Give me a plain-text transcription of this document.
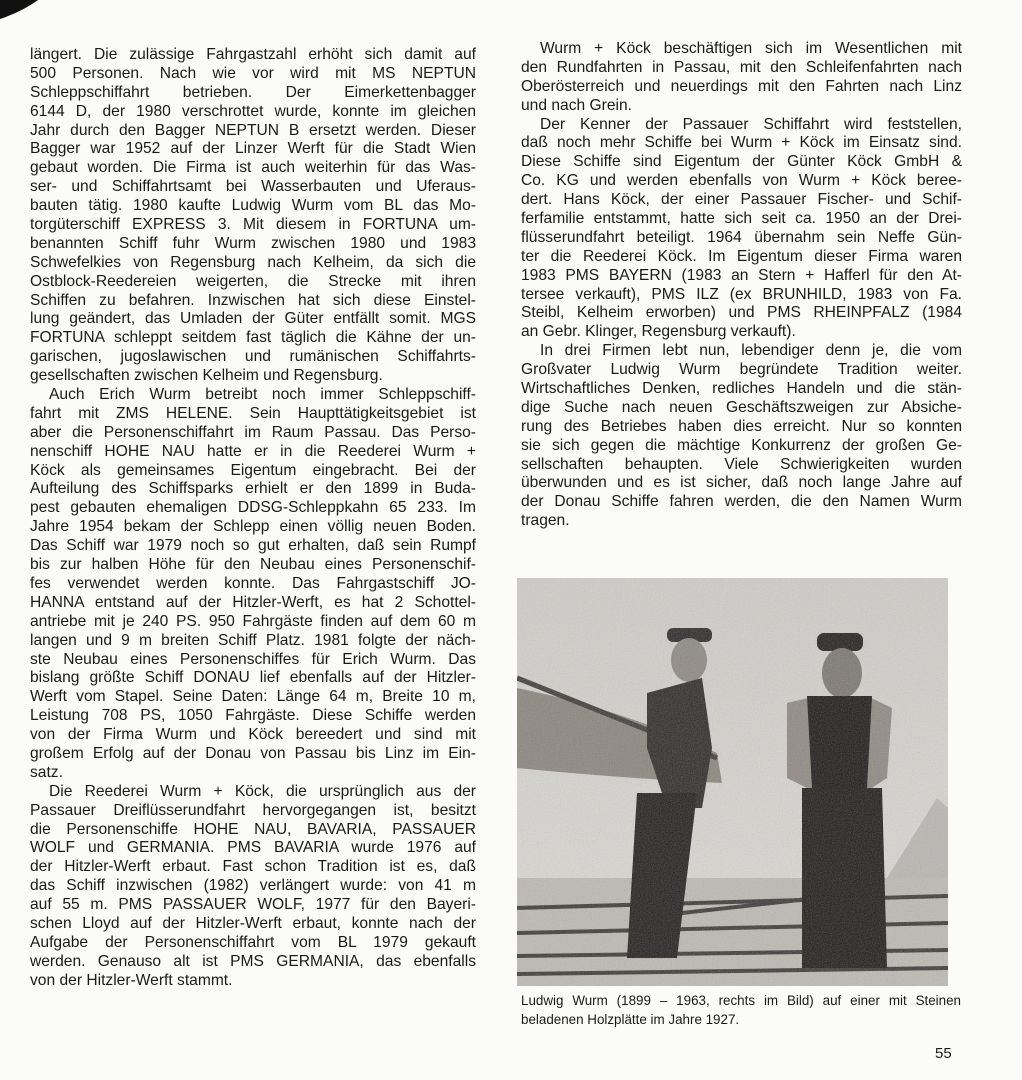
längert. Die zulässige Fahrgastzahl erhöht sich damit auf
500 Personen. Nach wie vor wird mit MS NEPTUN
Schleppschiffahrt betrieben. Der Eimerkettenbagger
6144 D, der 1980 verschrottet wurde, konnte im gleichen
Jahr durch den Bagger NEPTUN B ersetzt werden. Dieser
Bagger war 1952 auf der Linzer Werft für die Stadt Wien
gebaut worden. Die Firma ist auch weiterhin für das Was-
ser- und Schiffahrtsamt bei Wasserbauten und Uferaus-
bauten tätig. 1980 kaufte Ludwig Wurm vom BL das Mo-
torgüterschiff EXPRESS 3. Mit diesem in FORTUNA um-
benannten Schiff fuhr Wurm zwischen 1980 und 1983
Schwefelkies von Regensburg nach Kelheim, da sich die
Ostblock-Reedereien weigerten, die Strecke mit ihren
Schiffen zu befahren. Inzwischen hat sich diese Einstel-
lung geändert, das Umladen der Güter entfällt somit. MGS
FORTUNA schleppt seitdem fast täglich die Kähne der un-
garischen, jugoslawischen und rumänischen Schiffahrts-
gesellschaften zwischen Kelheim und Regensburg.
Auch Erich Wurm betreibt noch immer Schleppschiff-
fahrt mit ZMS HELENE. Sein Haupttätigkeitsgebiet ist
aber die Personenschiffahrt im Raum Passau. Das Perso-
nenschiff HOHE NAU hatte er in die Reederei Wurm +
Köck als gemeinsames Eigentum eingebracht. Bei der
Aufteilung des Schiffsparks erhielt er den 1899 in Buda-
pest gebauten ehemaligen DDSG-Schleppkahn 65 233. Im
Jahre 1954 bekam der Schlepp einen völlig neuen Boden.
Das Schiff war 1979 noch so gut erhalten, daß sein Rumpf
bis zur halben Höhe für den Neubau eines Personenschif-
fes verwendet werden konnte. Das Fahrgastschiff JO-
HANNA entstand auf der Hitzler-Werft, es hat 2 Schottel-
antriebe mit je 240 PS. 950 Fahrgäste finden auf dem 60 m
langen und 9 m breiten Schiff Platz. 1981 folgte der näch-
ste Neubau eines Personenschiffes für Erich Wurm. Das
bislang größte Schiff DONAU lief ebenfalls auf der Hitzler-
Werft vom Stapel. Seine Daten: Länge 64 m, Breite 10 m,
Leistung 708 PS, 1050 Fahrgäste. Diese Schiffe werden
von der Firma Wurm und Köck bereedert und sind mit
großem Erfolg auf der Donau von Passau bis Linz im Ein-
satz.
Die Reederei Wurm + Köck, die ursprünglich aus der
Passauer Dreiflüsserundfahrt hervorgegangen ist, besitzt
die Personenschiffe HOHE NAU, BAVARIA, PASSAUER
WOLF und GERMANIA. PMS BAVARIA wurde 1976 auf
der Hitzler-Werft erbaut. Fast schon Tradition ist es, daß
das Schiff inzwischen (1982) verlängert wurde: von 41 m
auf 55 m. PMS PASSAUER WOLF, 1977 für den Bayeri-
schen Lloyd auf der Hitzler-Werft erbaut, konnte nach der
Aufgabe der Personenschiffahrt vom BL 1979 gekauft
werden. Genauso alt ist PMS GERMANIA, das ebenfalls
von der Hitzler-Werft stammt.
Wurm + Köck beschäftigen sich im Wesentlichen mit
den Rundfahrten in Passau, mit den Schleifenfahrten nach
Oberösterreich und neuerdings mit den Fahrten nach Linz
und nach Grein.
Der Kenner der Passauer Schiffahrt wird feststellen,
daß noch mehr Schiffe bei Wurm + Köck im Einsatz sind.
Diese Schiffe sind Eigentum der Günter Köck GmbH &
Co. KG und werden ebenfalls von Wurm + Köck beree-
dert. Hans Köck, der einer Passauer Fischer- und Schif-
ferfamilie entstammt, hatte sich seit ca. 1950 an der Drei-
flüsserundfahrt beteiligt. 1964 übernahm sein Neffe Gün-
ter die Reederei Köck. Im Eigentum dieser Firma waren
1983 PMS BAYERN (1983 an Stern + Hafferl für den At-
tersee verkauft), PMS ILZ (ex BRUNHILD, 1983 von Fa.
Steibl, Kelheim erworben) und PMS RHEINPFALZ (1984
an Gebr. Klinger, Regensburg verkauft).
In drei Firmen lebt nun, lebendiger denn je, die vom
Großvater Ludwig Wurm begründete Tradition weiter.
Wirtschaftliches Denken, redliches Handeln und die stän-
dige Suche nach neuen Geschäftszweigen zur Absiche-
rung des Betriebes haben dies erreicht. Nur so konnten
sie sich gegen die mächtige Konkurrenz der großen Ge-
sellschaften behaupten. Viele Schwierigkeiten wurden
überwunden und es ist sicher, daß noch lange Jahre auf
der Donau Schiffe fahren werden, die den Namen Wurm
tragen.
Ludwig Wurm (1899 – 1963, rechts im Bild) auf einer mit Steinen
beladenen Holzplätte im Jahre 1927.
55
